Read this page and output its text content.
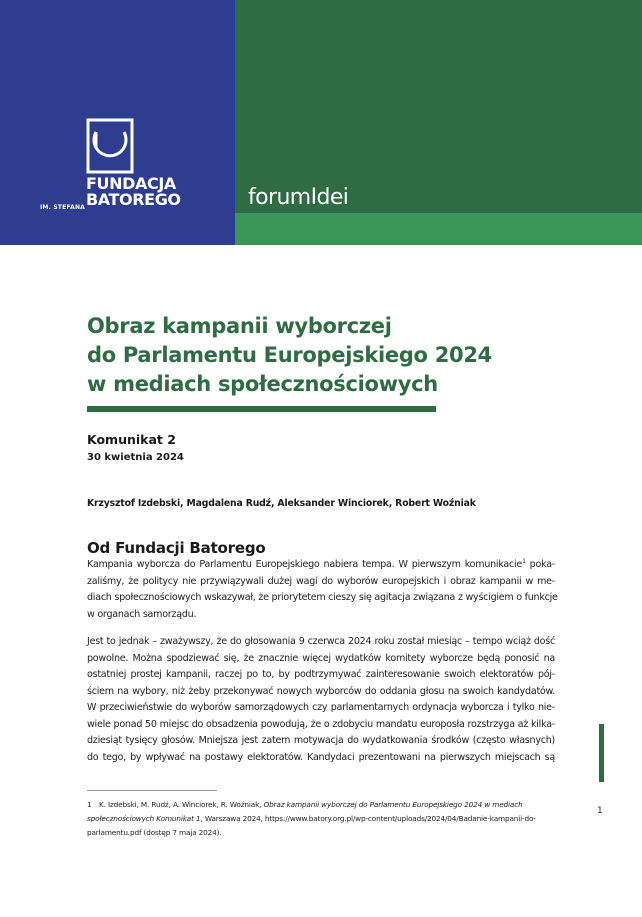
FUNDACJA
IM. STEFANA BATOREGO	forumIdei
Obraz kampanii wyborczej
do Parlamentu Europejskiego 2024
w mediach społecznościowych
Komunikat 2
30 kwietnia 2024
Krzysztof Izdebski, Magdalena Rudź, Aleksander Winciorek, Robert Woźniak
Od Fundacji Batorego
Kampania wyborcza do Parlamentu Europejskiego nabiera tempa. W pierwszym komunikacie$^1$ poka-
zaliśmy, że politycy nie przywiązywali dużej wagi do wyborów europejskich i obraz kampanii w me-
diach społecznościowych wskazywał, że priorytetem cieszy się agitacja związana z wyścigiem o funkcje
w organach samorządu.
Jest to jednak – zważywszy, że do głosowania 9 czerwca 2024 roku został miesiąc – tempo wciąż dość
powolne. Można spodziewać się, że znacznie więcej wydatków komitety wyborcze będą ponosić na
ostatniej prostej kampanii, raczej po to, by podtrzymywać zainteresowanie swoich elektoratów pój-
ściem na wybory, niż żeby przekonywać nowych wyborców do oddania głosu na swoich kandydatów.
W przeciwieństwie do wyborów samorządowych czy parlamentarnych ordynacja wyborcza i tylko nie-
wiele ponad 50 miejsc do obsadzenia powodują, że o zdobyciu mandatu europosła rozstrzyga aż kilka-
dziesiąt tysięcy głosów. Mniejsza jest zatem motywacja do wydatkowania środków (często własnych)
do tego, by wpływać na postawy elektoratów. Kandydaci prezentowani na pierwszych miejscach są
1 K. Izdebski, M. Rudź, A. Winciorek, R. Woźniak, Obraz kampanii wyborczej do Parlamentu Europejskiego 2024 w mediach
społecznościowych Komunikat 1, Warszawa 2024, https://www.batory.org.pl/wp-content/uploads/2024/04/Badanie-kampanii-do-
parlamentu.pdf (dostęp 7 maja 2024).
1
